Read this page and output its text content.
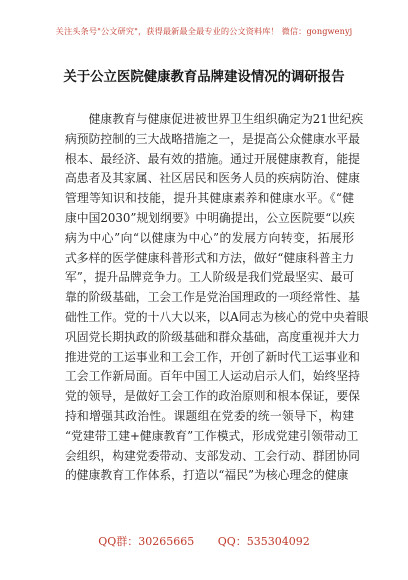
关注头条号"公文研究"，获得最新最全最专业的公文资料库！ 微信：gongwenyj
关于公立医院健康教育品牌建设情况的调研报告
健康教育与健康促进被世界卫生组织确定为21世纪疾
病预防控制的三大战略措施之一，是提高公众健康水平最
根本、最经济、最有效的措施。通过开展健康教育，能提
高患者及其家属、社区居民和医务人员的疾病防治、健康
管理等知识和技能，提升其健康素养和健康水平。《“健
康中国2030”规划纲要》中明确提出，公立医院要“以疾
病为中心”向“以健康为中心”的发展方向转变，拓展形
式多样的医学健康科普形式和方法，做好“健康科普主力
军”，提升品牌竞争力。工人阶级是我们党最坚实、最可
靠的阶级基础，工会工作是党治国理政的一项经常性、基
础性工作。党的十八大以来，以A同志为核心的党中央着眼
巩固党长期执政的阶级基础和群众基础，高度重视并大力
推进党的工运事业和工会工作，开创了新时代工运事业和
工会工作新局面。百年中国工人运动启示人们，始终坚持
党的领导，是做好工会工作的政治原则和根本保证，要保
持和增强其政治性。课题组在党委的统一领导下，构建
“党建带工建+健康教育”工作模式，形成党建引领带动工
会组织，构建党委带动、支部发动、工会行动、群团协同
的健康教育工作体系，打造以“福民”为核心理念的健康
QQ群：30265665 QQ：535304092
